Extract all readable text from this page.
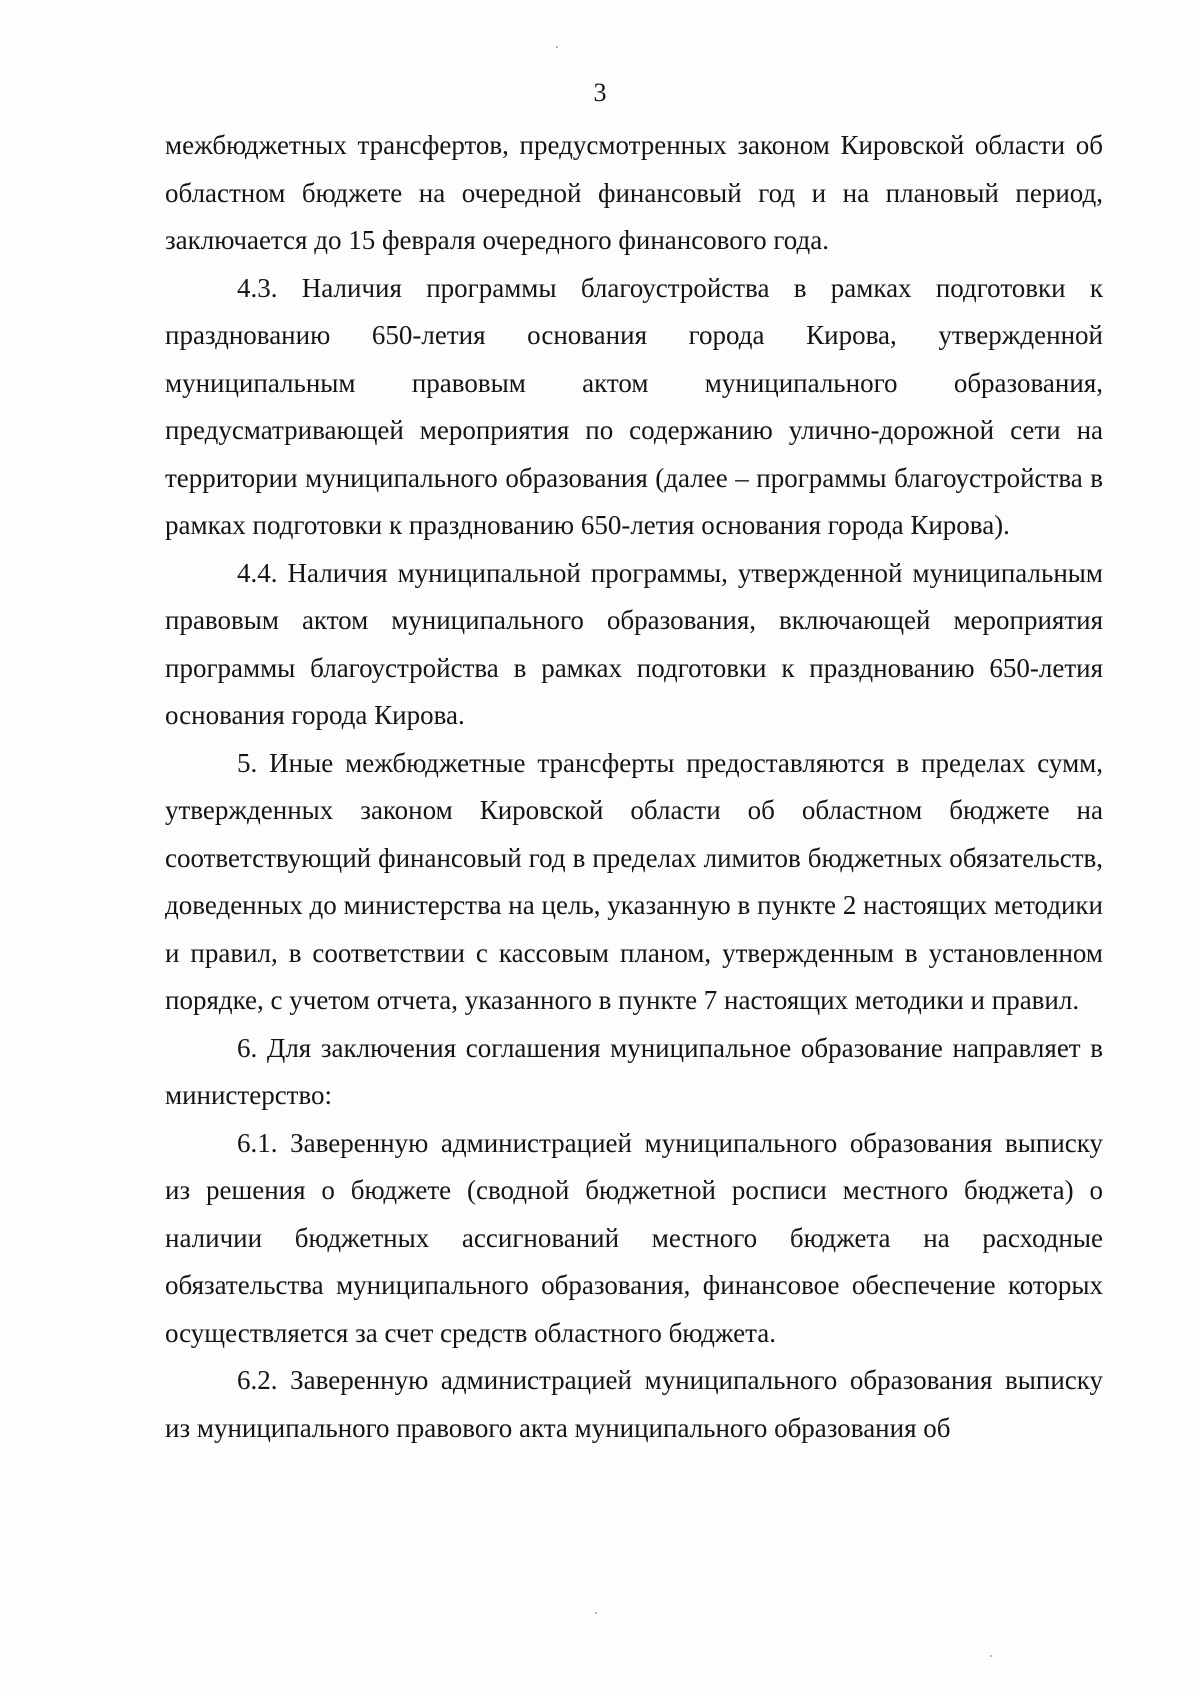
3

межбюджетных трансфертов, предусмотренных законом Кировской области об областном бюджете на очередной финансовый год и на плановый период, заключается до 15 февраля очередного финансового года.

4.3. Наличия программы благоустройства в рамках подготовки к празднованию 650-летия основания города Кирова, утвержденной муниципальным правовым актом муниципального образования, предусматривающей мероприятия по содержанию улично-дорожной сети на территории муниципального образования (далее – программы благоустройства в рамках подготовки к празднованию 650-летия основания города Кирова).

4.4. Наличия муниципальной программы, утвержденной муниципальным правовым актом муниципального образования, включающей мероприятия программы благоустройства в рамках подготовки к празднованию 650-летия основания города Кирова.

5. Иные межбюджетные трансферты предоставляются в пределах сумм, утвержденных законом Кировской области об областном бюджете на соответствующий финансовый год в пределах лимитов бюджетных обязательств, доведенных до министерства на цель, указанную в пункте 2 настоящих методики и правил, в соответствии с кассовым планом, утвержденным в установленном порядке, с учетом отчета, указанного в пункте 7 настоящих методики и правил.

6. Для заключения соглашения муниципальное образование направляет в министерство:

6.1. Заверенную администрацией муниципального образования выписку из решения о бюджете (сводной бюджетной росписи местного бюджета) о наличии бюджетных ассигнований местного бюджета на расходные обязательства муниципального образования, финансовое обеспечение которых осуществляется за счет средств областного бюджета.

6.2. Заверенную администрацией муниципального образования выписку из муниципального правового акта муниципального образования об
